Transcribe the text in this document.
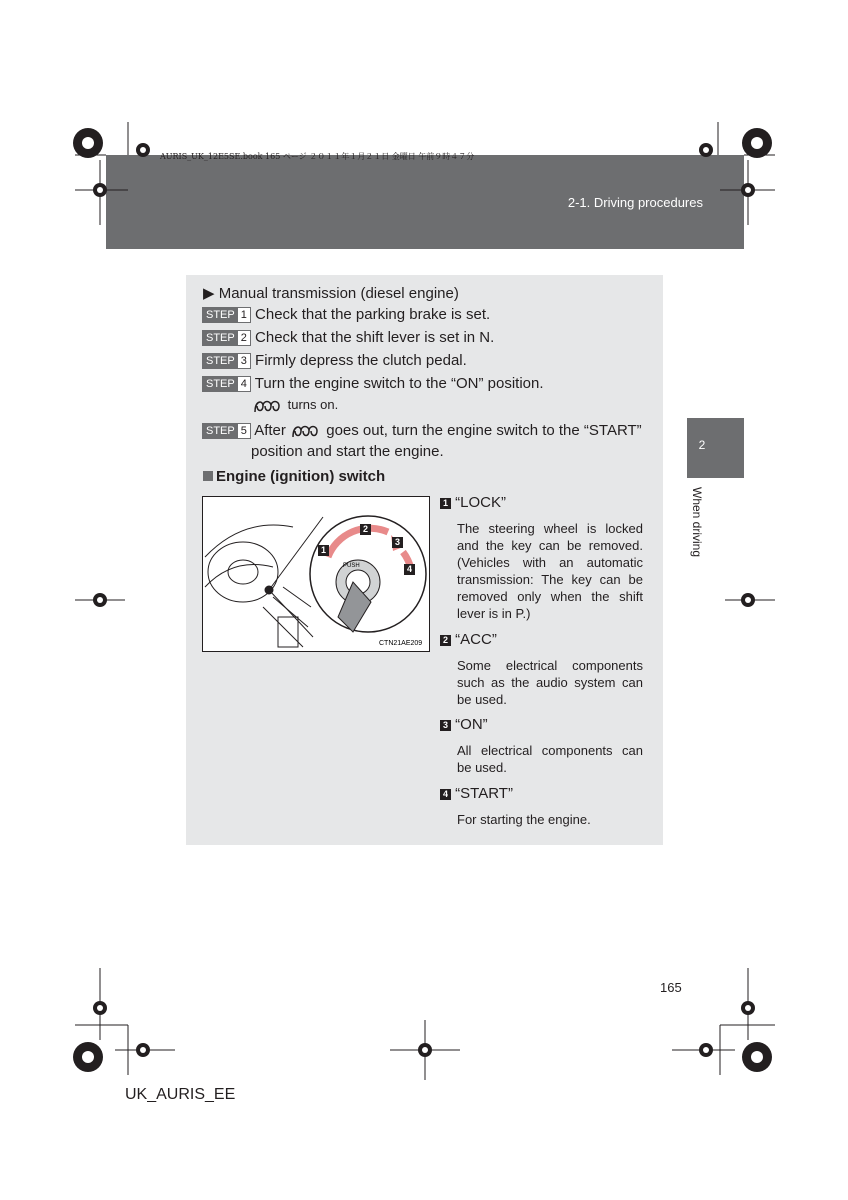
AURIS_UK_12E5SE.book 165 ページ ２０１１年１月２１日 金曜日 午前９時４７分
2-1. Driving procedures
2
When driving
▶ Manual transmission (diesel engine)
STEP 1 Check that the parking brake is set.
STEP 2 Check that the shift lever is set in N.
STEP 3 Firmly depress the clutch pedal.
STEP 4 Turn the engine switch to the “ON” position.
turns on.
STEP 5 After	goes out, turn the engine switch to the “START”
position and start the engine.
Engine (ignition) switch
PUSH
CTN21AE209
1
2
3
4
1 “LOCK”
The steering wheel is locked and the key can be removed. (Vehicles with an automatic transmission: The key can be removed only when the shift lever is in P.)
2 “ACC”
Some electrical components such as the audio system can be used.
3 “ON”
All electrical components can be used.
4 “START”
For starting the engine.
165
UK_AURIS_EE
